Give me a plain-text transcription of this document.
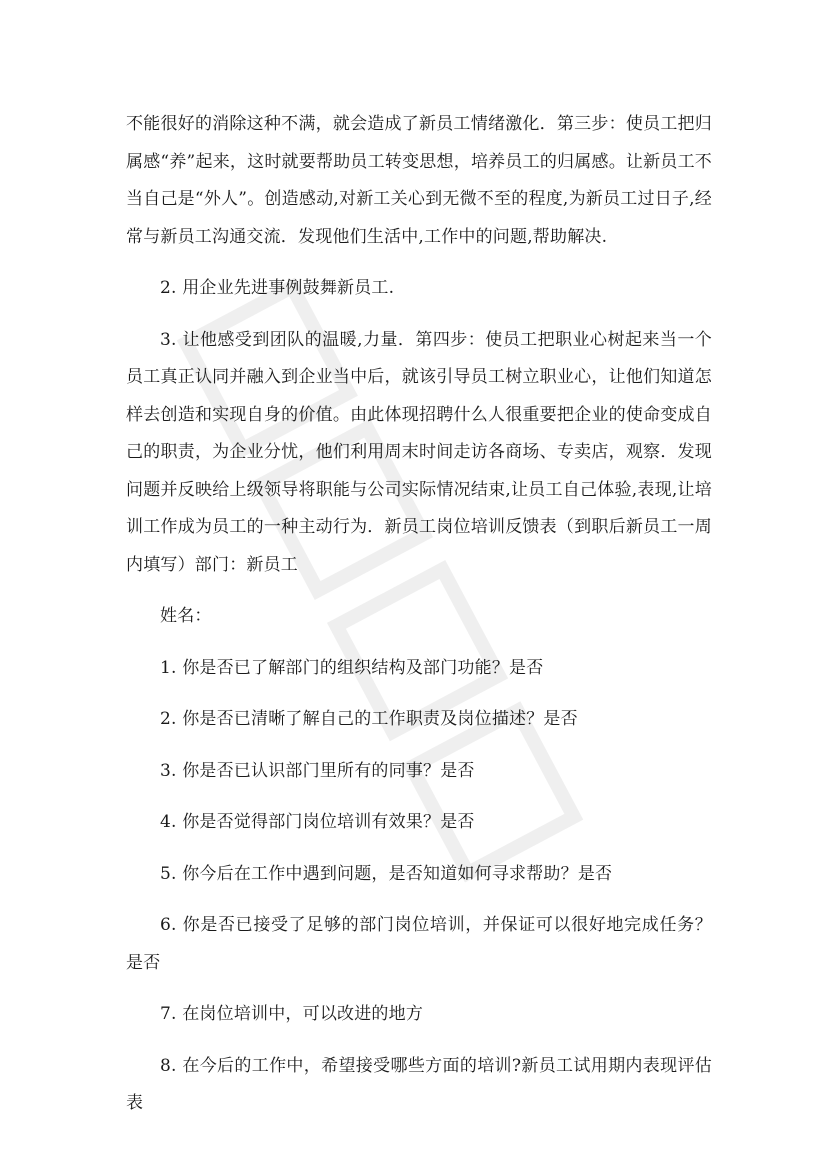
不能很好的消除这种不满，就会造成了新员工情绪激化．第三步：使员工把归属感“养”起来，这时就要帮助员工转变思想，培养员工的归属感。让新员工不当自己是“外人”。创造感动,对新工关心到无微不至的程度,为新员工过日子,经常与新员工沟通交流．发现他们生活中,工作中的问题,帮助解决.

2. 用企业先进事例鼓舞新员工.

3. 让他感受到团队的温暖,力量．第四步：使员工把职业心树起来当一个员工真正认同并融入到企业当中后，就该引导员工树立职业心，让他们知道怎样去创造和实现自身的价值。由此体现招聘什么人很重要把企业的使命变成自己的职责，为企业分忧，他们利用周末时间走访各商场、专卖店，观察．发现问题并反映给上级领导将职能与公司实际情况结束,让员工自己体验,表现,让培训工作成为员工的一种主动行为．新员工岗位培训反馈表（到职后新员工一周内填写）部门：新员工

姓名：

1. 你是否已了解部门的组织结构及部门功能？是否

2. 你是否已清晰了解自己的工作职责及岗位描述？是否

3. 你是否已认识部门里所有的同事？是否

4. 你是否觉得部门岗位培训有效果？是否

5. 你今后在工作中遇到问题，是否知道如何寻求帮助？是否

6. 你是否已接受了足够的部门岗位培训，并保证可以很好地完成任务？是否

7. 在岗位培训中，可以改进的地方

8. 在今后的工作中，希望接受哪些方面的培训?新员工试用期内表现评估表
